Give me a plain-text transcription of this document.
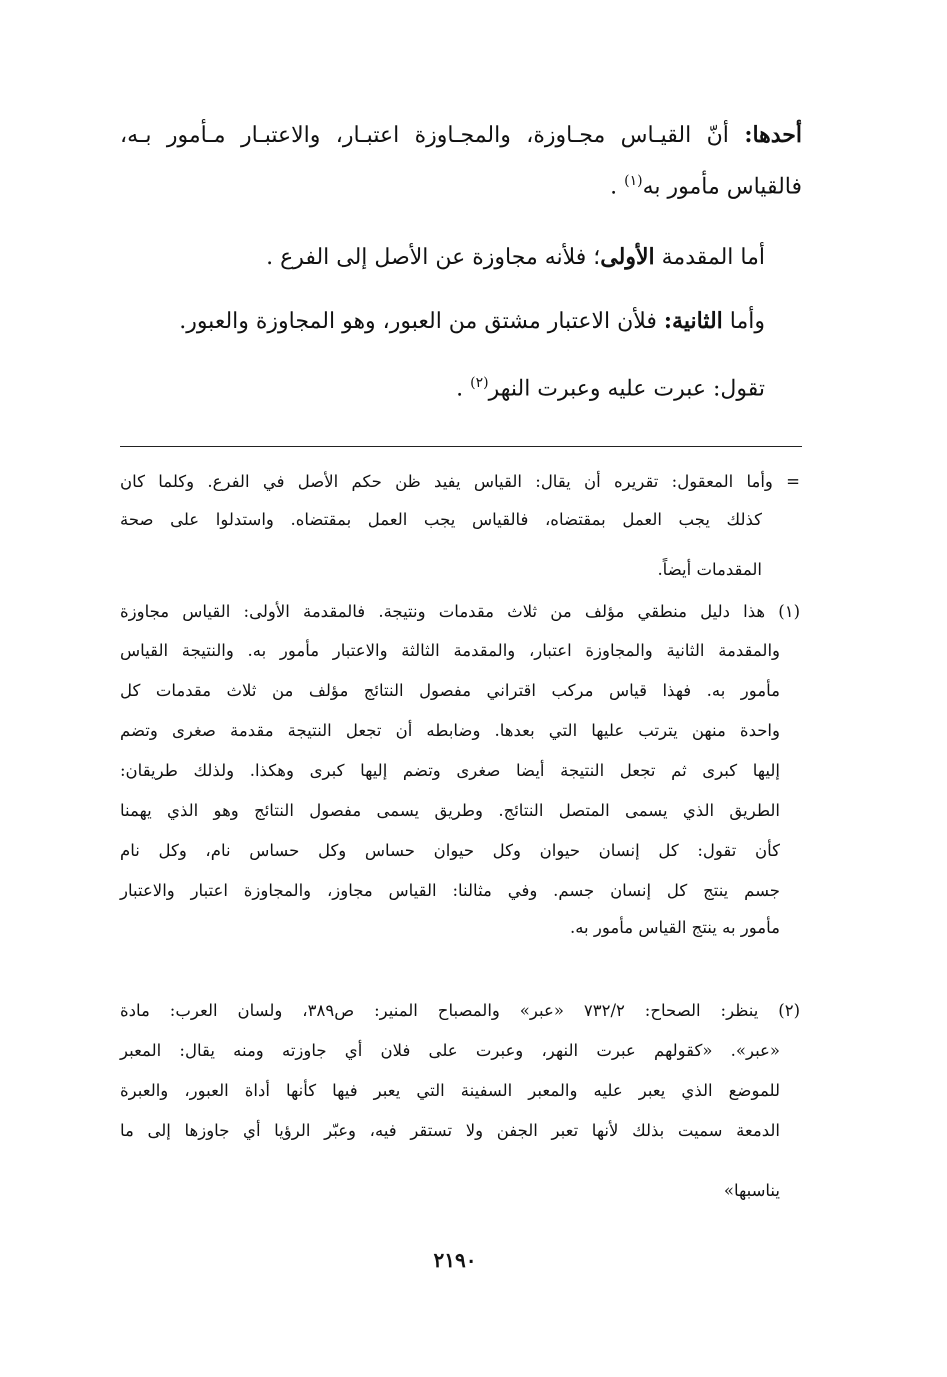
أحدها: أنّ القيـاس مجـاوزة، والمجـاوزة اعتبـار، والاعتبـار مـأمور بـه،
فالقياس مأمور به$^{(١)}$ .
أما المقدمة الأولى؛ فلأنه مجاوزة عن الأصل إلى الفرع .
وأما الثانية: فلأن الاعتبار مشتق من العبور، وهو المجاوزة والعبور.
تقول: عبرت عليه وعبرت النهر$^{(٢)}$ .
= وأما المعقول: تقريره أن يقال: القياس يفيد ظن حكم الأصل في الفرع. وكلما كان
كذلك يجب العمل بمقتضاه، فالقياس يجب العمل بمقتضاه. واستدلوا على صحة
المقدمات أيضاً.
(١) هذا دليل منطقي مؤلف من ثلاث مقدمات ونتيجة. فالمقدمة الأولى: القياس مجاوزة
والمقدمة الثانية والمجاوزة اعتبار، والمقدمة الثالثة والاعتبار مأمور به. والنتيجة القياس
مأمور به. فهذا قياس مركب اقتراني مفصول النتائج مؤلف من ثلاث مقدمات كل
واحدة منهن يترتب عليها التي بعدها. وضابطه أن تجعل النتيجة مقدمة صغرى وتضم
إليها كبرى ثم تجعل النتيجة أيضا صغرى وتضم إليها كبرى وهكذا. ولذلك طريقان:
الطريق الذي يسمى المتصل النتائج. وطريق يسمى مفصول النتائج وهو الذي يهمنا
كأن تقول: كل إنسان حيوان وكل حيوان حساس وكل حساس نام، وكل نام
جسم ينتج كل إنسان جسم. وفي مثالنا: القياس مجاوز، والمجاوزة اعتبار والاعتبار
مأمور به ينتج القياس مأمور به.
(٢) ينظر: الصحاح: ٧٣٢/٢ «عبر» والمصباح المنير: ص٣٨٩، ولسان العرب: مادة
«عبر». «كقولهم عبرت النهر، وعبرت على فلان أي جاوزته ومنه يقال: المعبر
للموضع الذي يعبر عليه والمعبر السفينة التي يعبر فيها كأنها أداة العبور، والعبرة
الدمعة سميت بذلك لأنها تعبر الجفن ولا تستقر فيه، وعبّر الرؤيا أي جاوزها إلى ما
يناسبها»
٢١٩٠
